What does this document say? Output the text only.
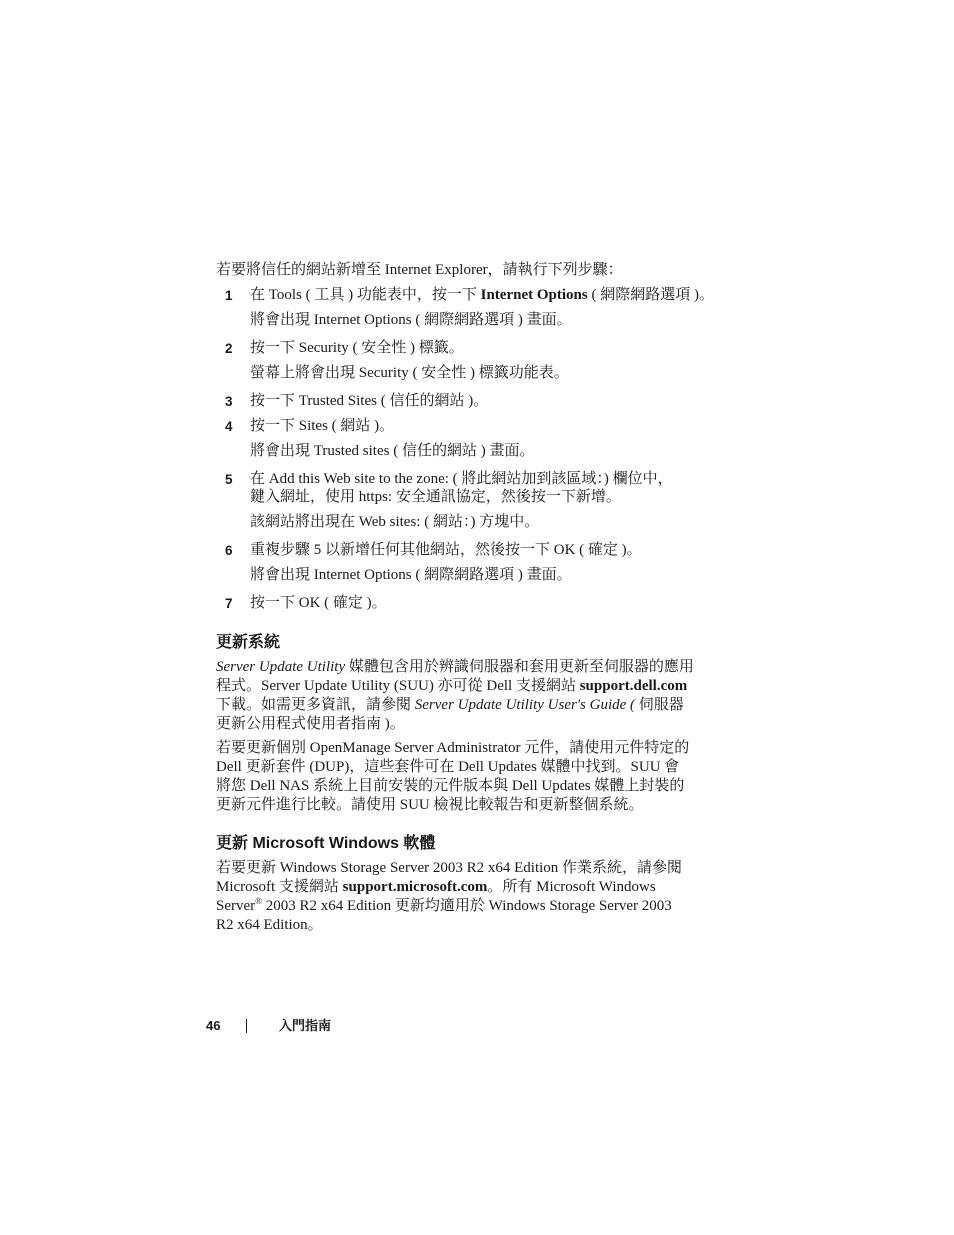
若要將信任的網站新增至 Internet Explorer，請執行下列步驟：
1 在 Tools ( 工具 ) 功能表中，按一下 Internet Options ( 網際網路選項 )。
將會出現 Internet Options ( 網際網路選項 ) 畫面。
2 按一下 Security ( 安全性 ) 標籤。
螢幕上將會出現 Security ( 安全性 ) 標籤功能表。
3 按一下 Trusted Sites ( 信任的網站 )。
4 按一下 Sites ( 網站 )。
將會出現 Trusted sites ( 信任的網站 ) 畫面。
5 在 Add this Web site to the zone: ( 將此網站加到該區域：) 欄位中，
鍵入網址，使用 https: 安全通訊協定，然後按一下新增。
該網站將出現在 Web sites: ( 網站：) 方塊中。
6 重複步驟 5 以新增任何其他網站，然後按一下 OK ( 確定 )。
將會出現 Internet Options ( 網際網路選項 ) 畫面。
7 按一下 OK ( 確定 )。
更新系統
Server Update Utility 媒體包含用於辨識伺服器和套用更新至伺服器的應用
程式。Server Update Utility (SUU) 亦可從 Dell 支援網站 support.dell.com
下載。如需更多資訊，請參閱 Server Update Utility User's Guide ( 伺服器
更新公用程式使用者指南 )。
若要更新個別 OpenManage Server Administrator 元件，請使用元件特定的
Dell 更新套件 (DUP)，這些套件可在 Dell Updates 媒體中找到。SUU 會
將您 Dell NAS 系統上目前安裝的元件版本與 Dell Updates 媒體上封裝的
更新元件進行比較。請使用 SUU 檢視比較報告和更新整個系統。
更新 Microsoft Windows 軟體
若要更新 Windows Storage Server 2003 R2 x64 Edition 作業系統，請參閱
Microsoft 支援網站 support.microsoft.com。所有 Microsoft Windows
Server® 2003 R2 x64 Edition 更新均適用於 Windows Storage Server 2003
R2 x64 Edition。
46	入門指南
